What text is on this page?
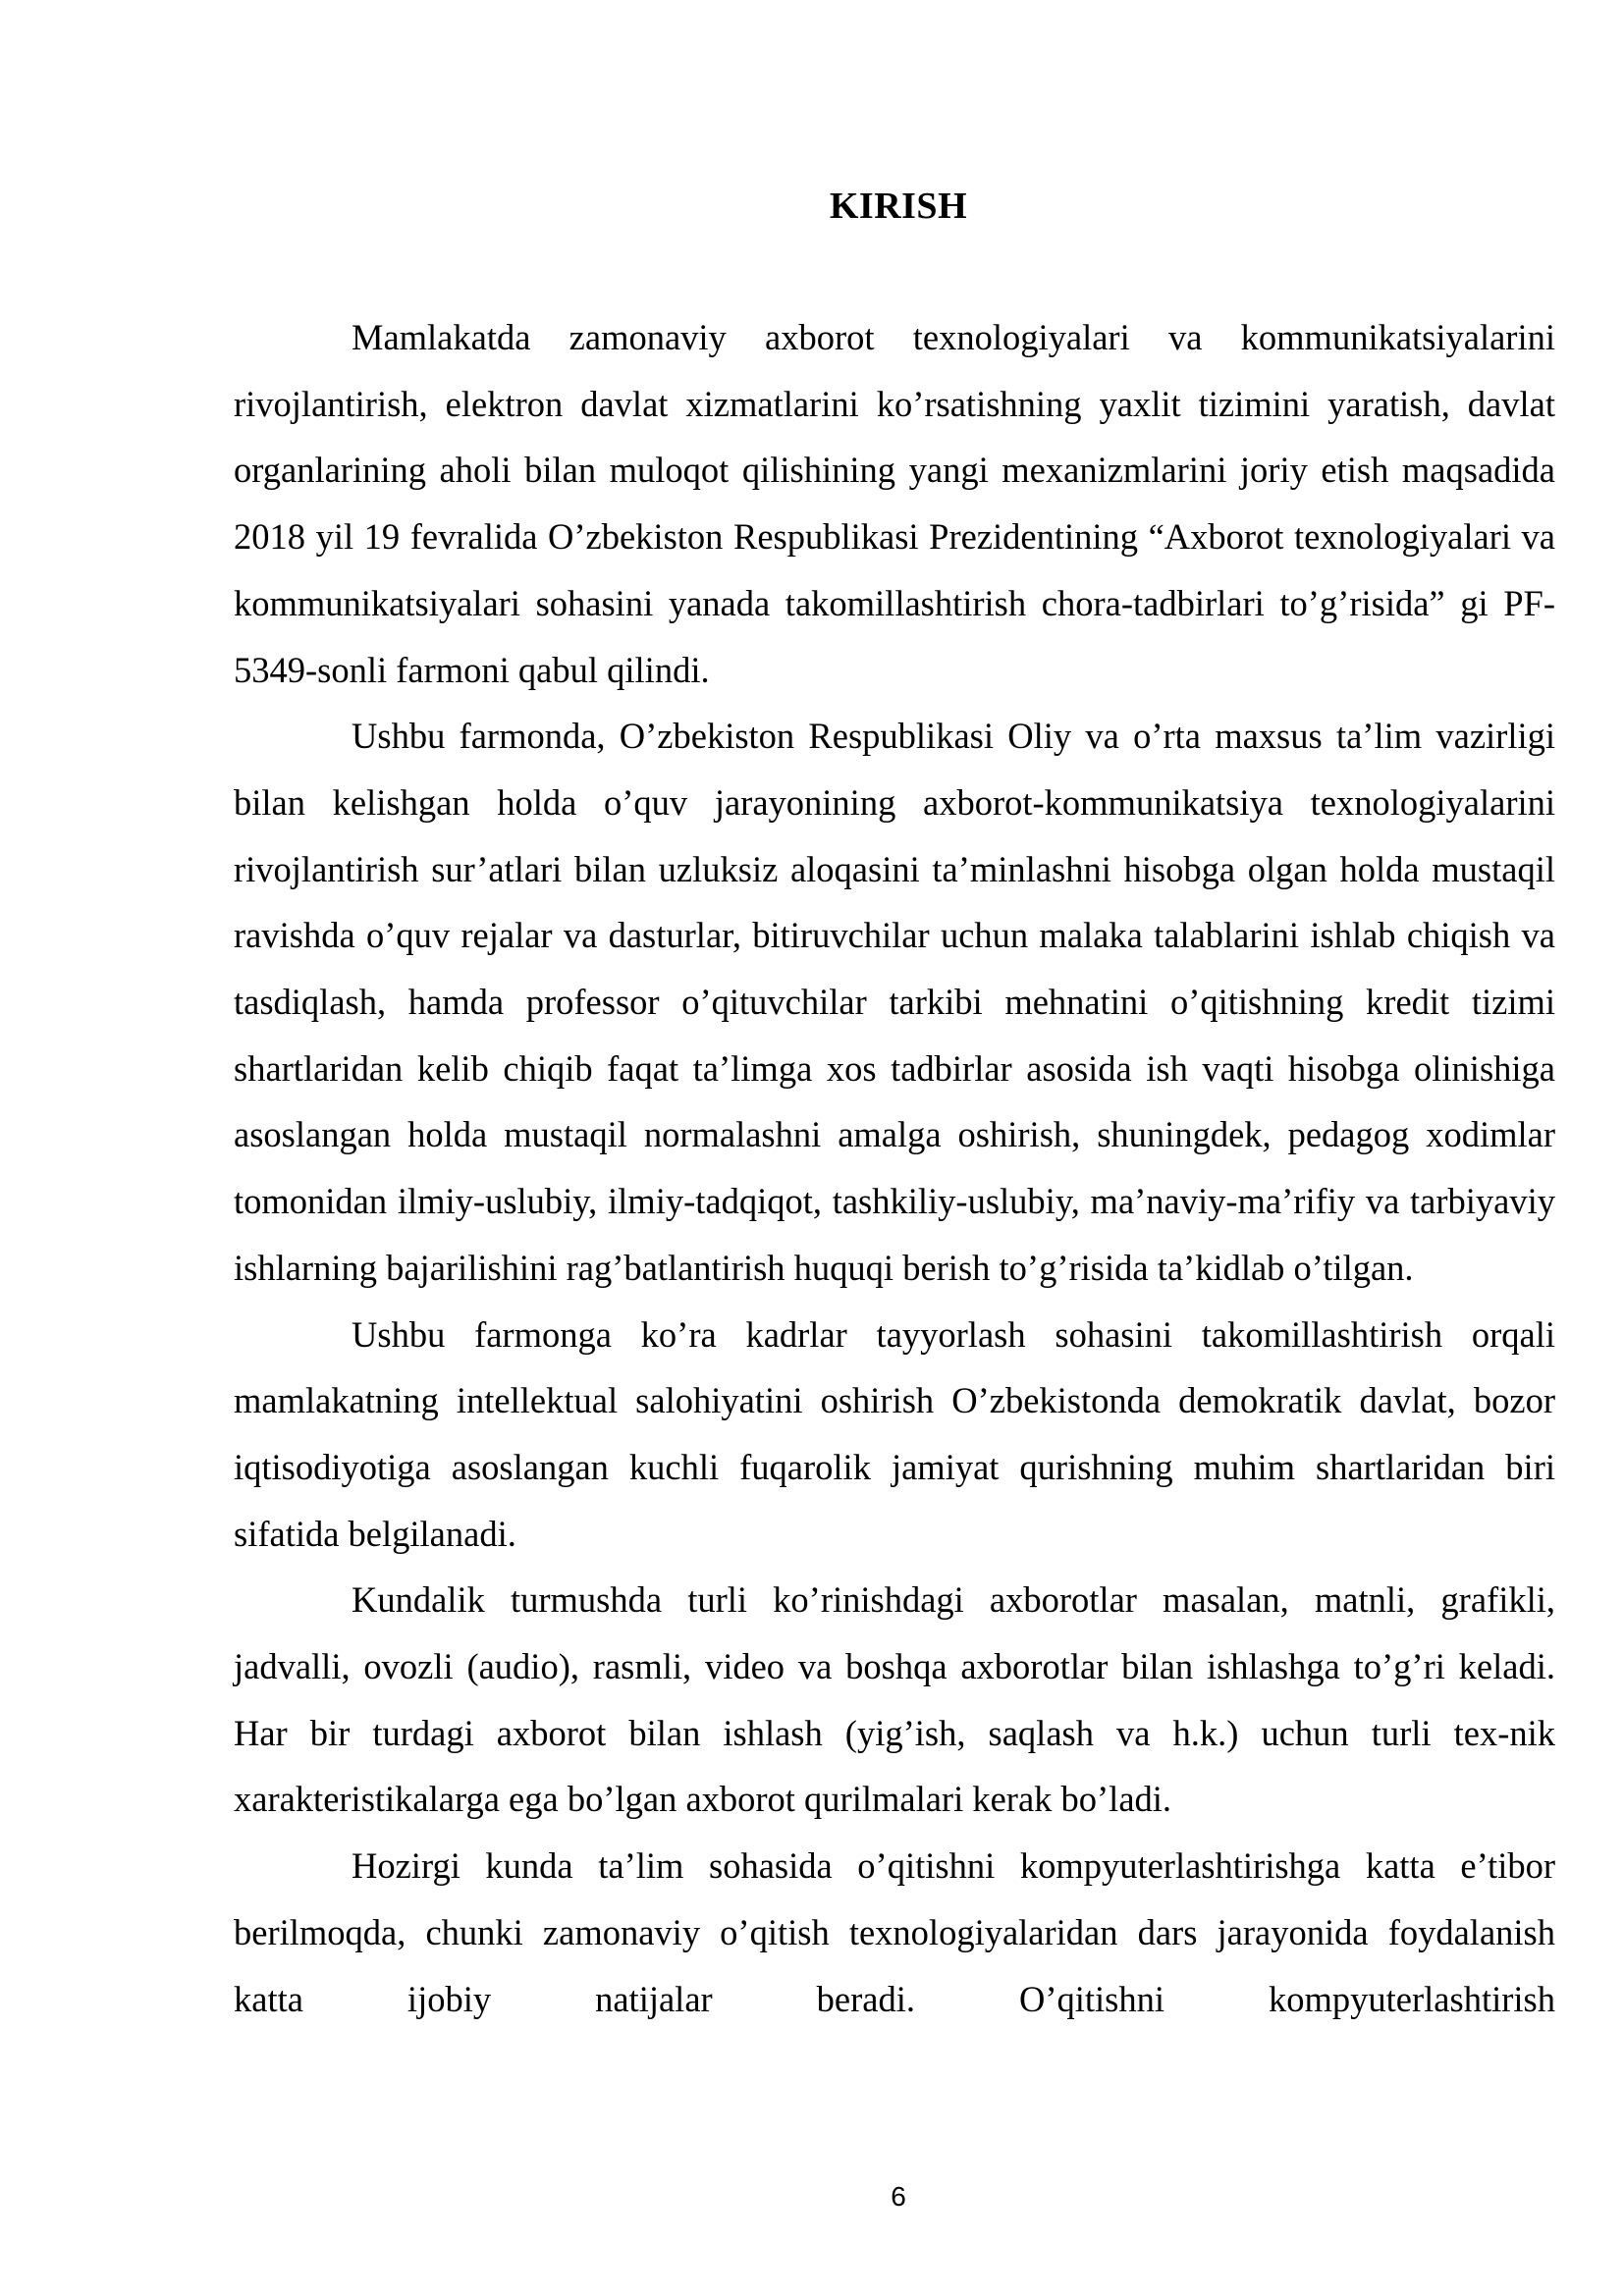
KIRISH

Mamlakatda zamonaviy axborot texnologiyalari va kommunikatsiyalarini rivojlantirish, elektron davlat xizmatlarini ko’rsatishning yaxlit tizimini yaratish, davlat organlarining aholi bilan muloqot qilishining yangi mexanizmlarini joriy etish maqsadida 2018 yil 19 fevralida O’zbekiston Respublikasi Prezidentining “Axborot texnologiyalari va kommunikatsiyalari sohasini yanada takomillashtirish chora-tadbirlari to’g’risida” gi PF-5349-sonli farmoni qabul qilindi.

Ushbu farmonda, O’zbekiston Respublikasi Oliy va o’rta maxsus ta’lim vazirligi bilan kelishgan holda o’quv jarayonining axborot-kommunikatsiya texnologiyalarini rivojlantirish sur’atlari bilan uzluksiz aloqasini ta’minlashni hisobga olgan holda mustaqil ravishda o’quv rejalar va dasturlar, bitiruvchilar uchun malaka talablarini ishlab chiqish va tasdiqlash, hamda professor o’qituvchilar tarkibi mehnatini o’qitishning kredit tizimi shartlaridan kelib chiqib faqat ta’limga xos tadbirlar asosida ish vaqti hisobga olinishiga asoslangan holda mustaqil normalashni amalga oshirish, shuningdek, pedagog xodimlar tomonidan ilmiy-uslubiy, ilmiy-tadqiqot, tashkiliy-uslubiy, ma’naviy-ma’rifiy va tarbiyaviy ishlarning bajarilishini rag’batlantirish huquqi berish to’g’risida ta’kidlab o’tilgan.

Ushbu farmonga ko’ra kadrlar tayyorlash sohasini takomillashtirish orqali mamlakatning intellektual salohiyatini oshirish O’zbekistonda demokratik davlat, bozor iqtisodiyotiga asoslangan kuchli fuqarolik jamiyat qurishning muhim shartlaridan biri sifatida belgilanadi.

Kundalik turmushda turli ko’rinishdagi axborotlar masalan, matnli, grafikli, jadvalli, ovozli (audio), rasmli, video va boshqa axborotlar bilan ishlashga to’g’ri keladi. Har bir turdagi axborot bilan ishlash (yig’ish, saqlash va h.k.) uchun turli tex-nik xarakteristikalarga ega bo’lgan axborot qurilmalari kerak bo’ladi.

Hozirgi kunda ta’lim sohasida o’qitishni kompyuterlashtirishga katta e’tibor berilmoqda, chunki zamonaviy o’qitish texnologiyalaridan dars jarayonida foydalanish katta ijobiy natijalar beradi. O’qitishni kompyuterlashtirish

6
